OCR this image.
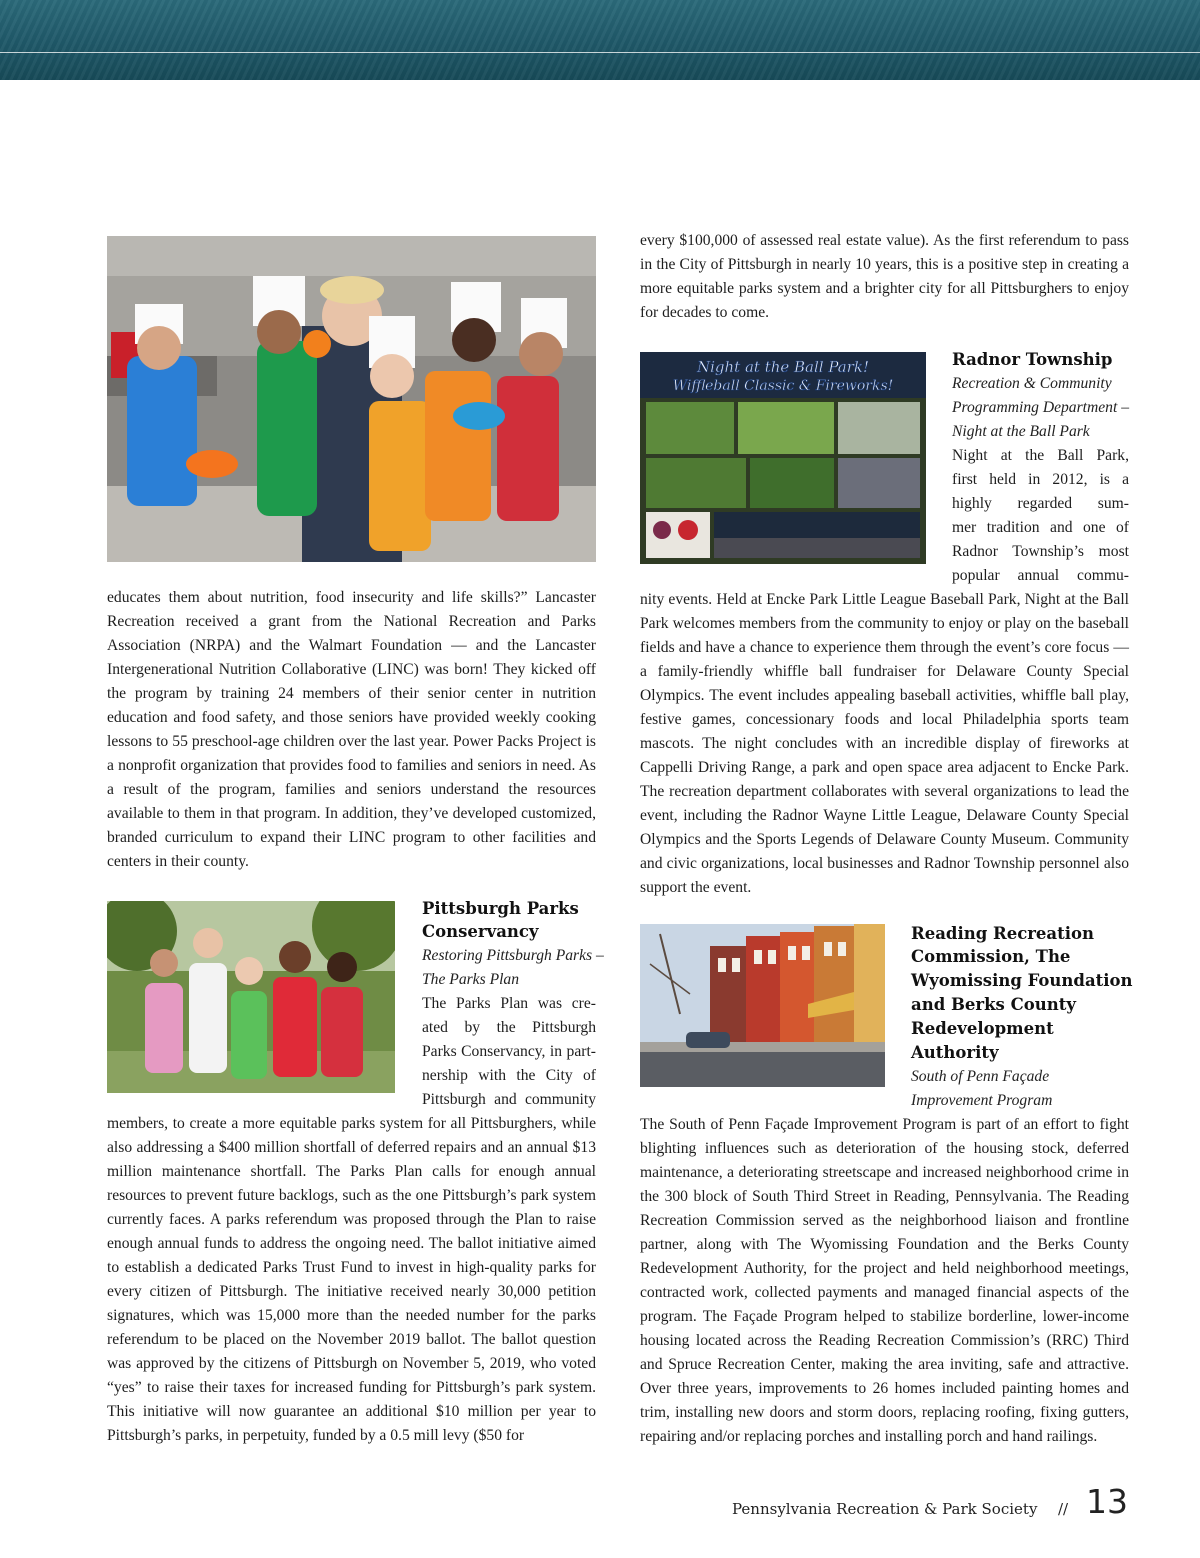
educates them about nutrition, food insecurity and life skills?” Lancaster Recreation received a grant from the National Recreation and Parks Association (NRPA) and the Walmart Foundation — and the Lancaster Intergenerational Nutrition Collaborative (LINC) was born! They kicked off the program by training 24 members of their senior center in nutrition education and food safety, and those seniors have provided weekly cooking lessons to 55 preschool-age children over the last year. Power Packs Project is a nonprofit organization that provides food to families and seniors in need. As a result of the program, families and seniors understand the resources available to them in that program. In addition, they’ve developed customized, branded curriculum to expand their LINC program to other facilities and centers in their county.

Pittsburgh Parks

Conservancy

Restoring Pittsburgh Parks –

The Parks Plan

The Parks Plan was cre-

ated by the Pittsburgh

Parks Conservancy, in part-

nership with the City of

Pittsburgh and community

members, to create a more equitable parks system for all Pittsburghers, while also addressing a $400 million shortfall of deferred repairs and an annual $13 million maintenance shortfall. The Parks Plan calls for enough annual resources to prevent future backlogs, such as the one Pittsburgh’s park system currently faces. A parks referendum was proposed through the Plan to raise enough annual funds to address the ongoing need. The ballot initiative aimed to establish a dedicated Parks Trust Fund to invest in high-quality parks for every citizen of Pittsburgh. The initiative received nearly 30,000 petition signatures, which was 15,000 more than the needed number for the parks referendum to be placed on the November 2019 ballot. The ballot question was approved by the citizens of Pittsburgh on November 5, 2019, who voted “yes” to raise their taxes for increased funding for Pittsburgh’s park system. This initiative will now guarantee an additional $10 million per year to Pittsburgh’s parks, in perpetuity, funded by a 0.5 mill levy ($50 for

every $100,000 of assessed real estate value). As the first referendum to pass in the City of Pittsburgh in nearly 10 years, this is a positive step in creating a more equitable parks system and a brighter city for all Pittsburghers to enjoy for decades to come.

Night at the Ball Park!
Wiffleball Classic & Fireworks!

Radnor Township

Recreation & Community

Programming Department –

Night at the Ball Park

Night at the Ball Park,

first held in 2012, is a

highly regarded sum-

mer tradition and one of

Radnor Township’s most

popular annual commu-

nity events. Held at Encke Park Little League Baseball Park, Night at the Ball Park welcomes members from the community to enjoy or play on the baseball fields and have a chance to experience them through the event’s core focus — a family-friendly whiffle ball fundraiser for Delaware County Special Olympics. The event includes appealing baseball activities, whiffle ball play, festive games, concessionary foods and local Philadelphia sports team mascots. The night concludes with an incredible display of fireworks at Cappelli Driving Range, a park and open space area adjacent to Encke Park. The recreation department collaborates with several organizations to lead the event, including the Radnor Wayne Little League, Delaware County Special Olympics and the Sports Legends of Delaware County Museum. Community and civic organizations, local businesses and Radnor Township personnel also support the event.

Reading Recreation

Commission, The

Wyomissing Foundation

and Berks County

Redevelopment

Authority

South of Penn Façade

Improvement Program

The South of Penn Façade Improvement Program is part of an effort to fight blighting influences such as deterioration of the housing stock, deferred maintenance, a deteriorating streetscape and increased neighborhood crime in the 300 block of South Third Street in Reading, Pennsylvania. The Reading Recreation Commission served as the neighborhood liaison and frontline partner, along with The Wyomissing Foundation and the Berks County Redevelopment Authority, for the project and held neighborhood meetings, contracted work, collected payments and managed financial aspects of the program. The Façade Program helped to stabilize borderline, lower-income housing located across the Reading Recreation Commission’s (RRC) Third and Spruce Recreation Center, making the area inviting, safe and attractive. Over three years, improvements to 26 homes included painting homes and trim, installing new doors and storm doors, replacing roofing, fixing gutters, repairing and/or replacing porches and installing porch and hand railings.

Pennsylvania Recreation & Park Society // 13
